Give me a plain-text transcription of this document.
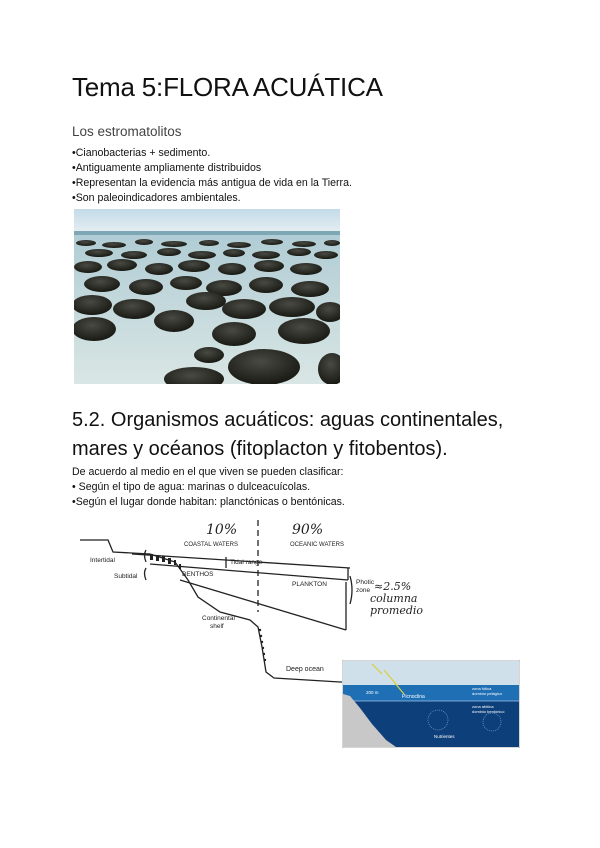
Tema 5:FLORA ACUÁTICA
Los estromatolitos
•Cianobacterias + sedimento.
•Antiguamente ampliamente distribuidos
•Representan la evidencia más antigua de vida en la Tierra.
•Son paleoindicadores ambientales.
5.2. Organismos acuáticos: aguas continentales, mares y océanos (fitoplacton y fitobentos).

De acuerdo al medio en el que viven se pueden clasificar:

• Según el tipo de agua: marinas o dulceacuícolas.
•Según el lugar donde habitan: planctónicas o bentónicas.
10%	90%
COASTAL WATERS	OCEANIC WATERS
Intertidal
Subtidal
Tidal range
BENTHOS
PLANKTON	Photic
zone ≈2.5%
columna
promedio
Continental
shelf
Deep ocean
200 m
Picnoclina
zona fótica
dominio pelágico
zona afótica
dominio bentónico
Nutrientes
